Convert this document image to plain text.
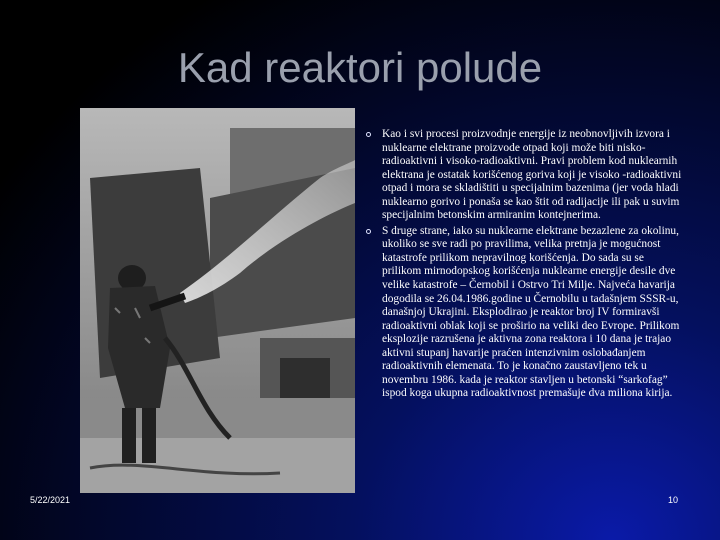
Kad reaktori polude
Kao i svi procesi proizvodnje energije iz neobnovljivih izvora i nuklearne elektrane proizvode otpad koji može biti nisko-radioaktivni i visoko-radioaktivni. Pravi problem kod nuklearnih elektrana je ostatak korišćenog goriva koji je visoko -radioaktivni otpad i mora se skladištiti u specijalnim bazenima (jer voda hladi nuklearno gorivo i ponaša se kao štit od radijacije ili pak u suvim specijalnim betonskim armiranim kontejnerima.
S druge strane, iako su nuklearne elektrane bezazlene za okolinu, ukoliko se sve radi po pravilima, velika pretnja je mogućnost katastrofe prilikom nepravilnog korišćenja. Do sada su se prilikom mirnodopskog korišćenja nuklearne energije desile dve velike katastrofe – Černobil i Ostrvo Tri Milje. Najveća havarija dogodila se 26.04.1986.godine u Černobilu u tadašnjem SSSR-u, današnjoj Ukrajini. Eksplodirao je reaktor broj IV formiravši radioaktivni oblak koji se proširio na veliki deo Evrope. Prilikom eksplozije razrušena je aktivna zona reaktora i 10 dana je trajao aktivni stupanj havarije praćen intenzivnim oslobađanjem radioaktivnih elemenata. To je konačno zaustavljeno tek u novembru 1986. kada je reaktor stavljen u betonski “sarkofag” ispod koga ukupna radioaktivnost premašuje dva miliona kirija.
5/22/2021	10
